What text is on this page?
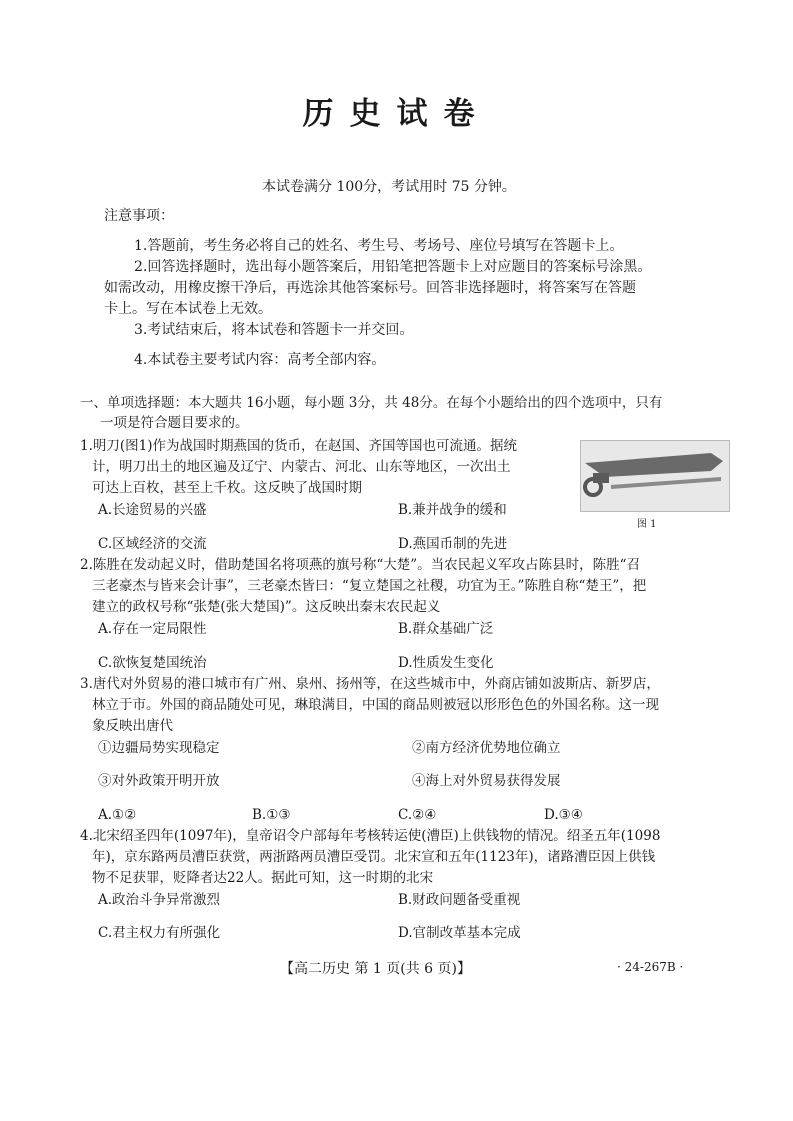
历史试卷
本试卷满分 100分，考试用时 75 分钟。
注意事项：
1.答题前，考生务必将自己的姓名、考生号、考场号、座位号填写在答题卡上。
2.回答选择题时，选出每小题答案后，用铅笔把答题卡上对应题目的答案标号涂黑。
如需改动，用橡皮擦干净后，再选涂其他答案标号。回答非选择题时，将答案写在答题
卡上。写在本试卷上无效。
3.考试结束后，将本试卷和答题卡一并交回。
4.本试卷主要考试内容：高考全部内容。
一、单项选择题：本大题共 16小题，每小题 3分，共 48分。在每个小题给出的四个选项中，只有
一项是符合题目要求的。
1.明刀(图1)作为战国时期燕国的货币，在赵国、齐国等国也可流通。据统
计，明刀出土的地区遍及辽宁、内蒙古、河北、山东等地区，一次出土
可达上百枚，甚至上千枚。这反映了战国时期
A.长途贸易的兴盛	B.兼并战争的缓和
C.区域经济的交流	D.燕国币制的先进
图 1
2.陈胜在发动起义时，借助楚国名将项燕的旗号称“大楚”。当农民起义军攻占陈县时，陈胜“召
三老豪杰与皆来会计事”，三老豪杰皆曰：“复立楚国之社稷，功宜为王。”陈胜自称“楚王”，把
建立的政权号称“张楚(张大楚国)”。这反映出秦末农民起义
A.存在一定局限性	B.群众基础广泛
C.欲恢复楚国统治	D.性质发生变化
3.唐代对外贸易的港口城市有广州、泉州、扬州等，在这些城市中，外商店铺如波斯店、新罗店，
林立于市。外国的商品随处可见，琳琅满目，中国的商品则被冠以形形色色的外国名称。这一现
象反映出唐代
①边疆局势实现稳定	②南方经济优势地位确立
③对外政策开明开放	④海上对外贸易获得发展
A.①②	B.①③	C.②④	D.③④
4.北宋绍圣四年(1097年)，皇帝诏令户部每年考核转运使(漕臣)上供钱物的情况。绍圣五年(1098
年)，京东路两员漕臣获赏，两浙路两员漕臣受罚。北宋宣和五年(1123年)，诸路漕臣因上供钱
物不足获罪，贬降者达22人。据此可知，这一时期的北宋
A.政治斗争异常激烈	B.财政问题备受重视
C.君主权力有所强化	D.官制改革基本完成
【高二历史 第 1 页(共 6 页)】	· 24-267B ·
